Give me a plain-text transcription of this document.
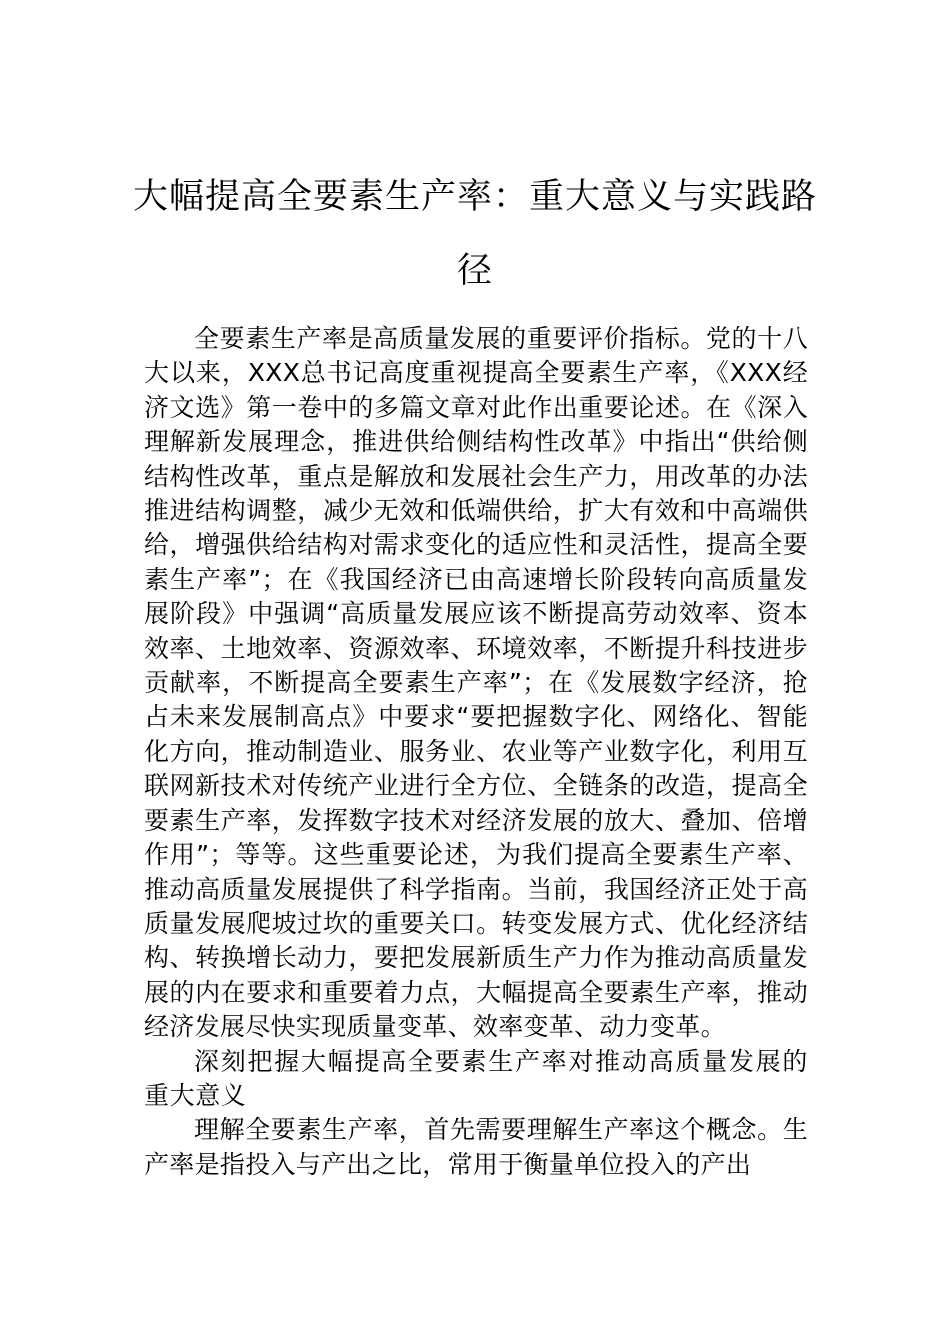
大幅提高全要素生产率：重大意义与实践路径

全要素生产率是高质量发展的重要评价指标。党的十八大以来，XXX总书记高度重视提高全要素生产率，《XXX经济文选》第一卷中的多篇文章对此作出重要论述。在《深入理解新发展理念，推进供给侧结构性改革》中指出“供给侧结构性改革，重点是解放和发展社会生产力，用改革的办法推进结构调整，减少无效和低端供给，扩大有效和中高端供给，增强供给结构对需求变化的适应性和灵活性，提高全要素生产率”；在《我国经济已由高速增长阶段转向高质量发展阶段》中强调“高质量发展应该不断提高劳动效率、资本效率、土地效率、资源效率、环境效率，不断提升科技进步贡献率，不断提高全要素生产率”；在《发展数字经济，抢占未来发展制高点》中要求“要把握数字化、网络化、智能化方向，推动制造业、服务业、农业等产业数字化，利用互联网新技术对传统产业进行全方位、全链条的改造，提高全要素生产率，发挥数字技术对经济发展的放大、叠加、倍增作用”；等等。这些重要论述，为我们提高全要素生产率、推动高质量发展提供了科学指南。当前，我国经济正处于高质量发展爬坡过坎的重要关口。转变发展方式、优化经济结构、转换增长动力，要把发展新质生产力作为推动高质量发展的内在要求和重要着力点，大幅提高全要素生产率，推动经济发展尽快实现质量变革、效率变革、动力变革。

深刻把握大幅提高全要素生产率对推动高质量发展的重大意义

理解全要素生产率，首先需要理解生产率这个概念。生产率是指投入与产出之比，常用于衡量单位投入的产出
